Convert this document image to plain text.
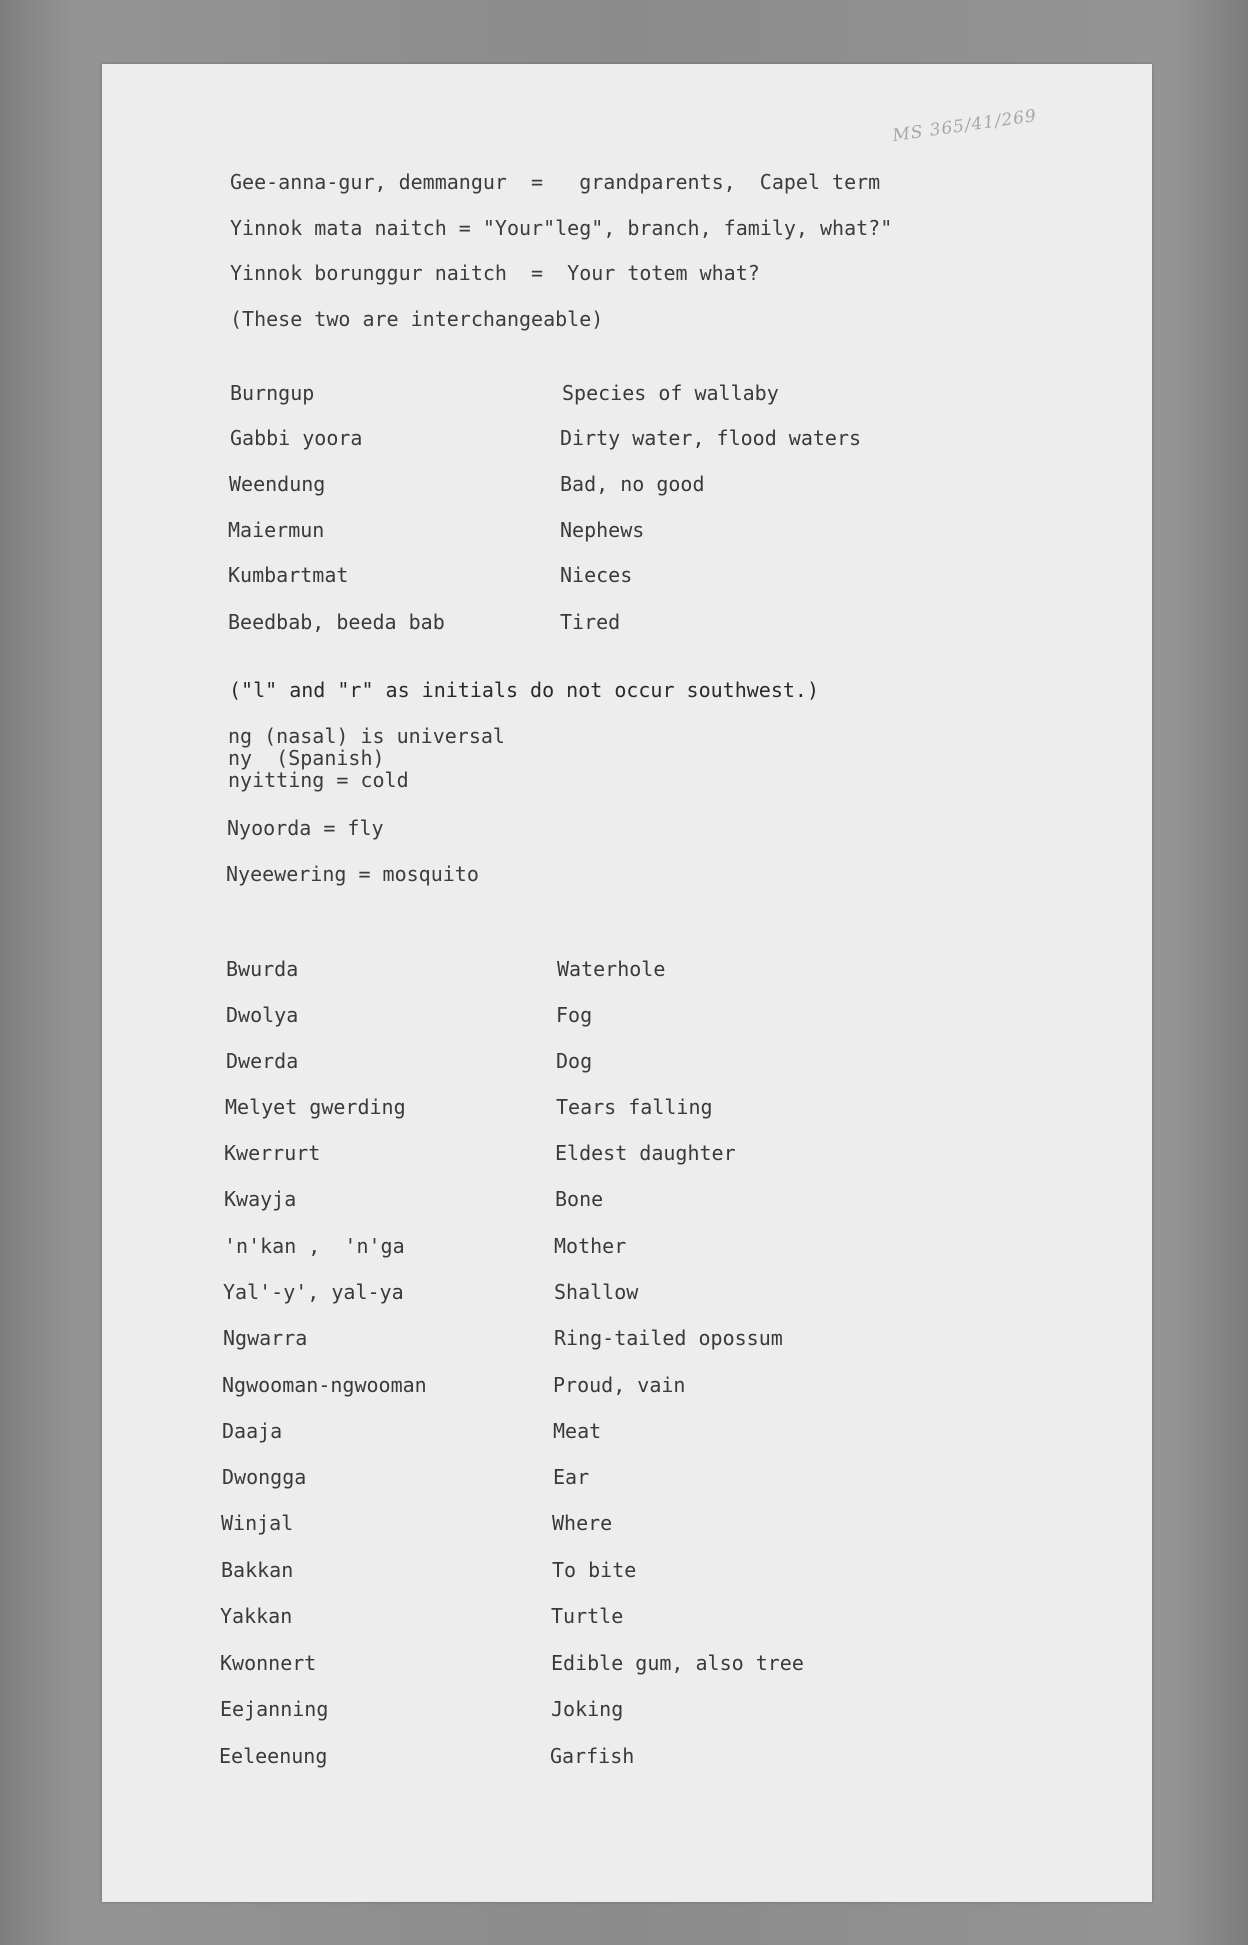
MS 365/41/269
Gee-anna-gur, demmangur  =   grandparents,  Capel term
Yinnok mata naitch = "Your"leg", branch, family, what?"
Yinnok borunggur naitch  =  Your totem what?
(These two are interchangeable)
Burngup	Species of wallaby
Gabbi yoora	Dirty water, flood waters
Weendung	Bad, no good
Maiermun	Nephews
Kumbartmat	Nieces
Beedbab, beeda bab	Tired
("l" and "r" as initials do not occur southwest.)
ng (nasal) is universal
ny  (Spanish)
nyitting = cold
Nyoorda = fly
Nyeewering = mosquito
Bwurda	Waterhole
Dwolya	Fog
Dwerda	Dog
Melyet gwerding	Tears falling
Kwerrurt	Eldest daughter
Kwayja	Bone
'n'kan ,  'n'ga	Mother
Yal'-y', yal-ya	Shallow
Ngwarra	Ring-tailed opossum
Ngwooman-ngwooman	Proud, vain
Daaja	Meat
Dwongga	Ear
Winjal	Where
Bakkan	To bite
Yakkan	Turtle
Kwonnert	Edible gum, also tree
Eejanning	Joking
Eeleenung	Garfish
